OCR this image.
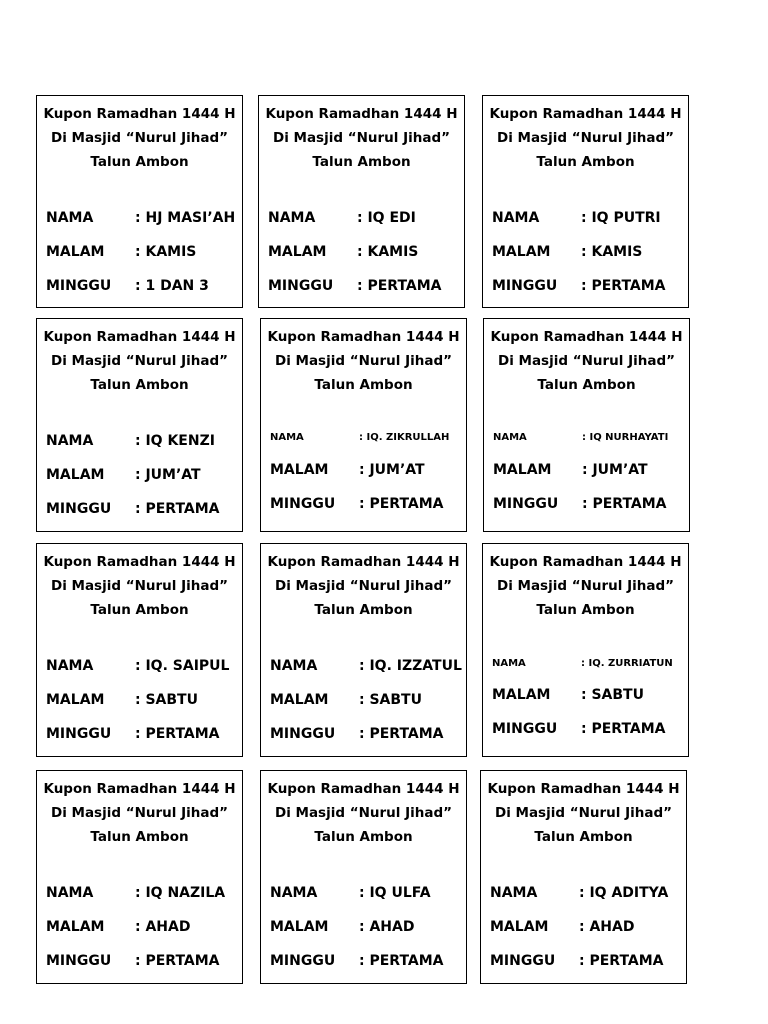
Kupon Ramadhan 1444 H
Di Masjid “Nurul Jihad”
Talun Ambon
NAMA	: HJ MASI’AH
MALAM : KAMIS
MINGGU : 1 DAN 3
Kupon Ramadhan 1444 H
Di Masjid “Nurul Jihad”
Talun Ambon
NAMA	: IQ EDI
MALAM : KAMIS
MINGGU : PERTAMA
Kupon Ramadhan 1444 H
Di Masjid “Nurul Jihad”
Talun Ambon
NAMA	: IQ PUTRI
MALAM : KAMIS
MINGGU : PERTAMA
Kupon Ramadhan 1444 H
Di Masjid “Nurul Jihad”
Talun Ambon
NAMA	: IQ KENZI
MALAM : JUM’AT
MINGGU : PERTAMA
Kupon Ramadhan 1444 H
Di Masjid “Nurul Jihad”
Talun Ambon
NAMA	: IQ. ZIKRULLAH
MALAM : JUM’AT
MINGGU : PERTAMA
Kupon Ramadhan 1444 H
Di Masjid “Nurul Jihad”
Talun Ambon
NAMA	: IQ NURHAYATI
MALAM : JUM’AT
MINGGU : PERTAMA
Kupon Ramadhan 1444 H
Di Masjid “Nurul Jihad”
Talun Ambon
NAMA	: IQ. SAIPUL
MALAM : SABTU
MINGGU : PERTAMA
Kupon Ramadhan 1444 H
Di Masjid “Nurul Jihad”
Talun Ambon
NAMA	: IQ. IZZATUL
MALAM : SABTU
MINGGU : PERTAMA
Kupon Ramadhan 1444 H
Di Masjid “Nurul Jihad”
Talun Ambon
NAMA	: IQ. ZURRIATUN
MALAM : SABTU
MINGGU : PERTAMA
Kupon Ramadhan 1444 H
Di Masjid “Nurul Jihad”
Talun Ambon
NAMA	: IQ NAZILA
MALAM : AHAD
MINGGU : PERTAMA
Kupon Ramadhan 1444 H
Di Masjid “Nurul Jihad”
Talun Ambon
NAMA	: IQ ULFA
MALAM : AHAD
MINGGU : PERTAMA
Kupon Ramadhan 1444 H
Di Masjid “Nurul Jihad”
Talun Ambon
NAMA	: IQ ADITYA
MALAM : AHAD
MINGGU : PERTAMA
